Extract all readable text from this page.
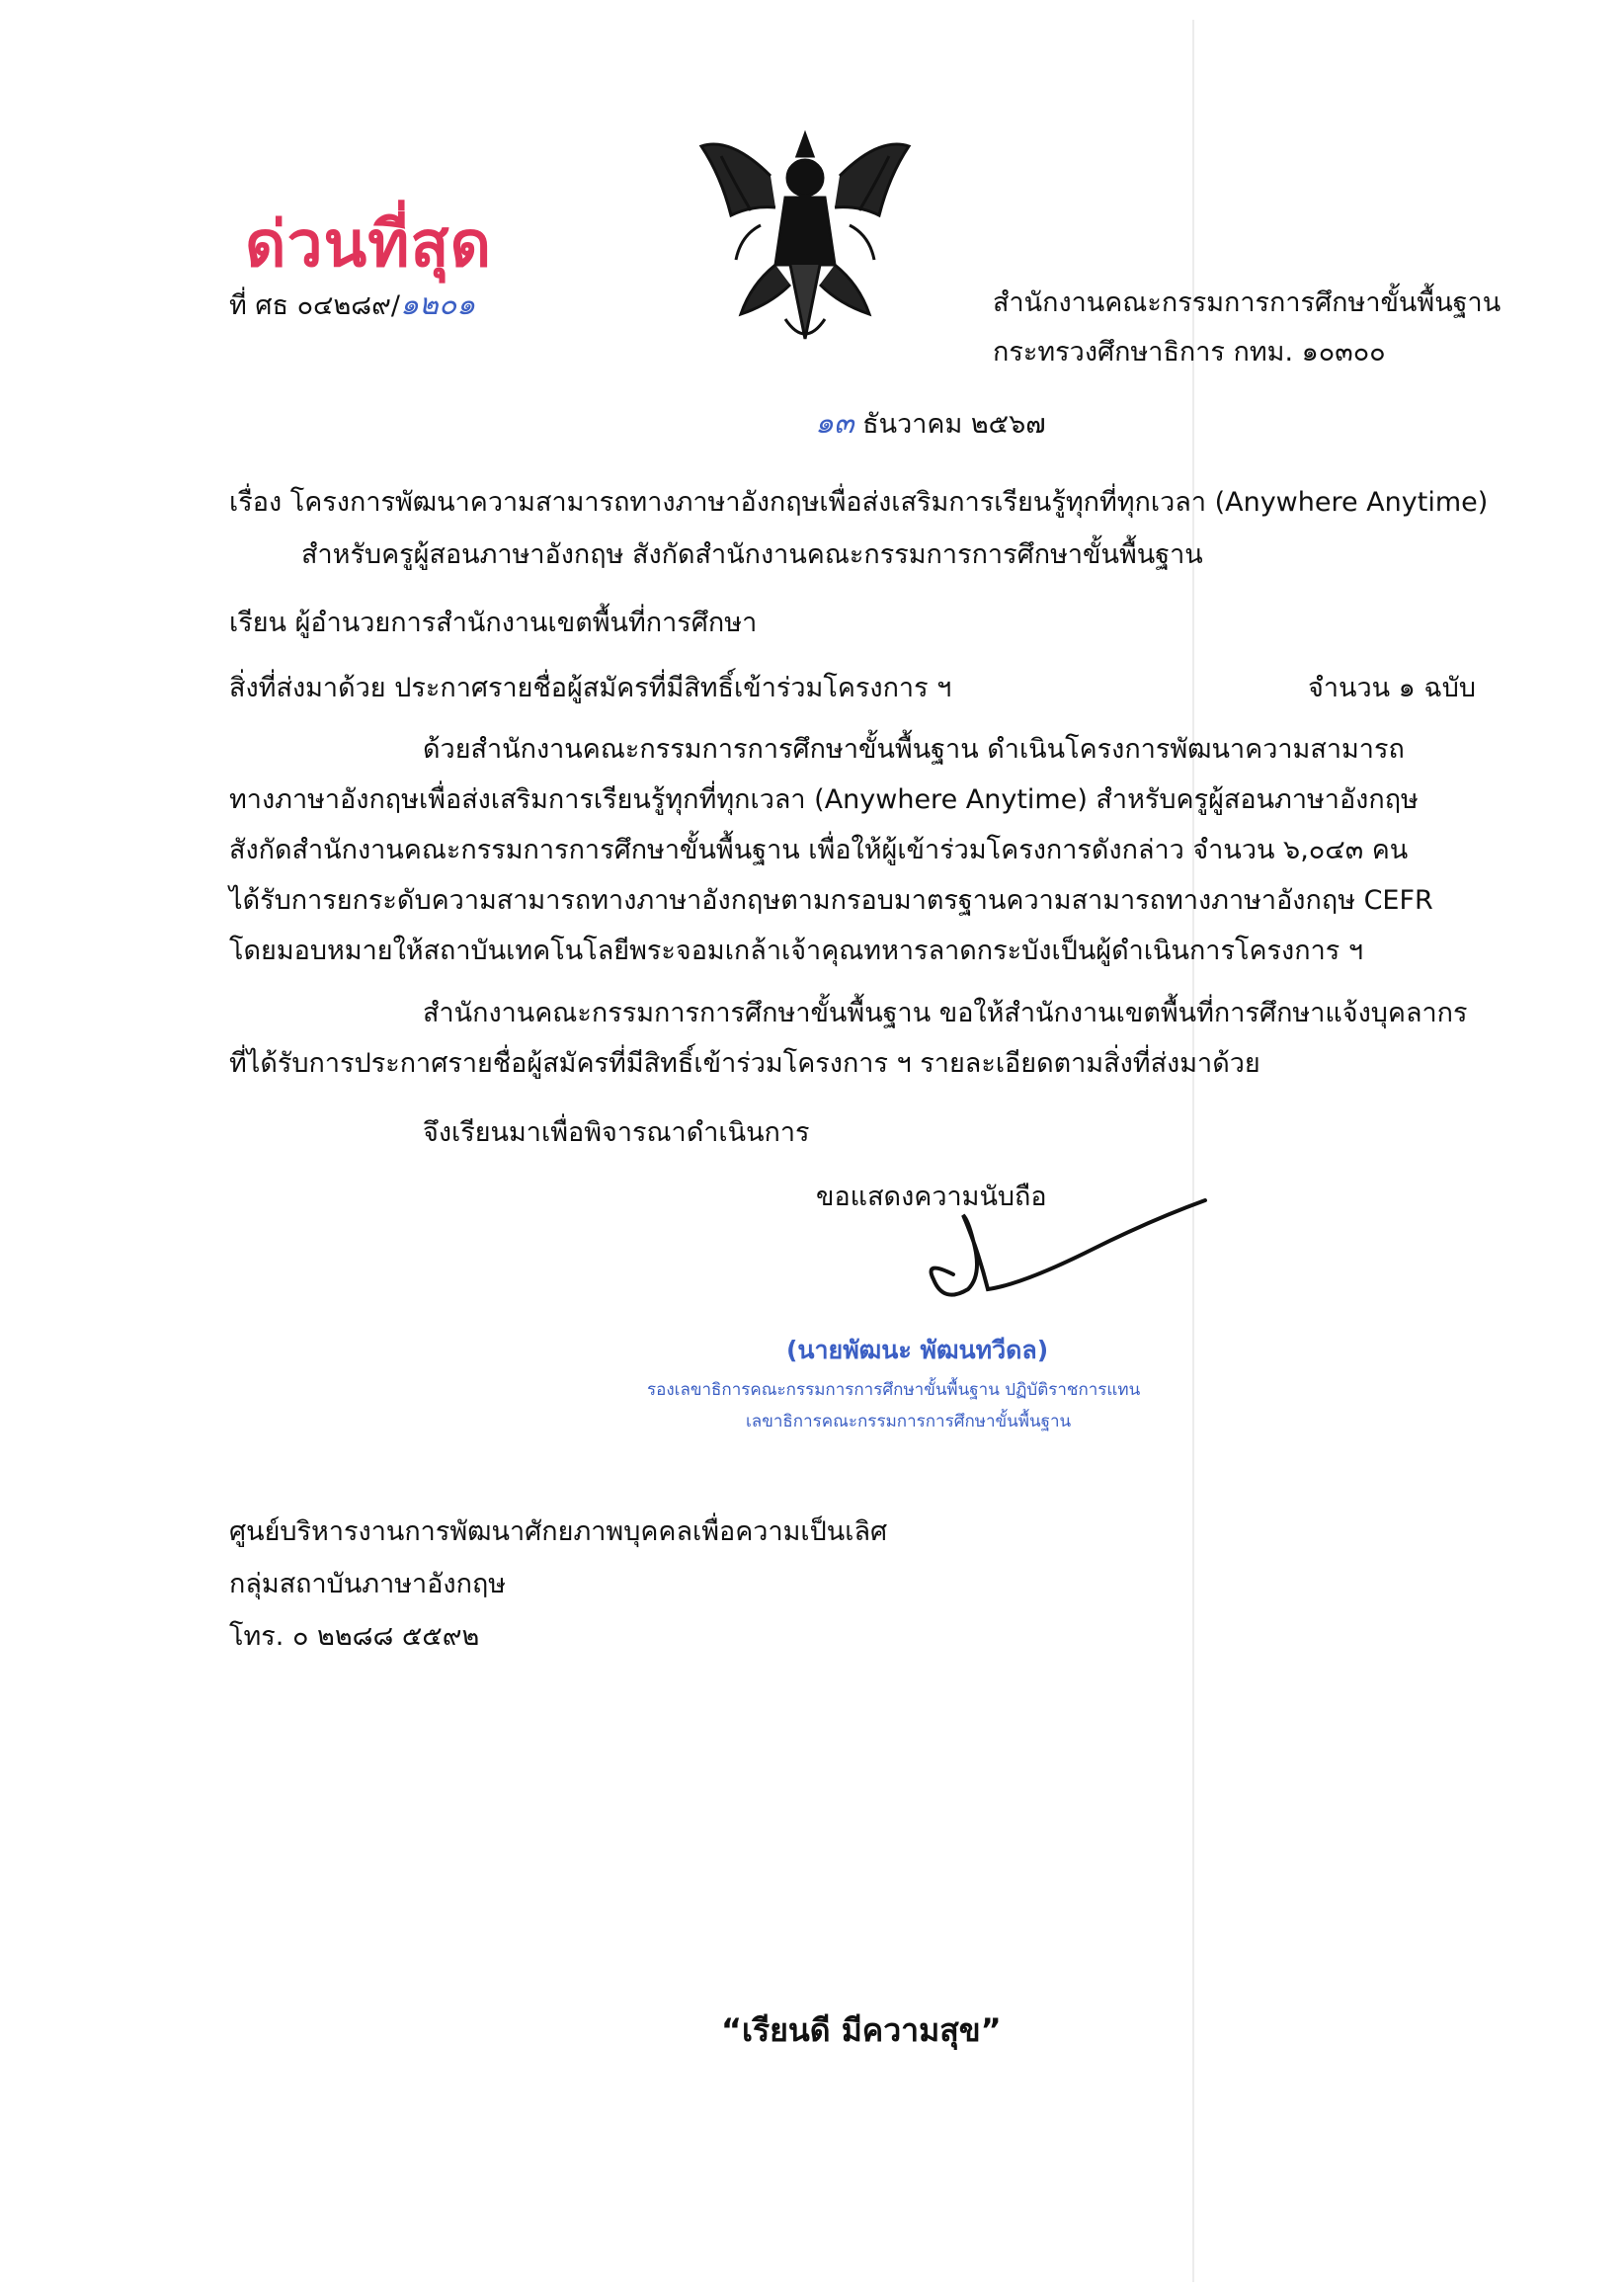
ด่วนที่สุด
ที่ ศธ ๐๔๒๘๙/๑๒๐๑	สำนักงานคณะกรรมการการศึกษาขั้นพื้นฐาน
กระทรวงศึกษาธิการ กทม. ๑๐๓๐๐
๑๓ ธันวาคม ๒๕๖๗
เรื่อง โครงการพัฒนาความสามารถทางภาษาอังกฤษเพื่อส่งเสริมการเรียนรู้ทุกที่ทุกเวลา (Anywhere Anytime)
สำหรับครูผู้สอนภาษาอังกฤษ สังกัดสำนักงานคณะกรรมการการศึกษาขั้นพื้นฐาน
เรียน ผู้อำนวยการสำนักงานเขตพื้นที่การศึกษา
สิ่งที่ส่งมาด้วย ประกาศรายชื่อผู้สมัครที่มีสิทธิ์เข้าร่วมโครงการ ฯ	จำนวน ๑ ฉบับ
ด้วยสำนักงานคณะกรรมการการศึกษาขั้นพื้นฐาน ดำเนินโครงการพัฒนาความสามารถ
ทางภาษาอังกฤษเพื่อส่งเสริมการเรียนรู้ทุกที่ทุกเวลา (Anywhere Anytime) สำหรับครูผู้สอนภาษาอังกฤษ
สังกัดสำนักงานคณะกรรมการการศึกษาขั้นพื้นฐาน เพื่อให้ผู้เข้าร่วมโครงการดังกล่าว จำนวน ๖,๐๔๓ คน
ได้รับการยกระดับความสามารถทางภาษาอังกฤษตามกรอบมาตรฐานความสามารถทางภาษาอังกฤษ CEFR
โดยมอบหมายให้สถาบันเทคโนโลยีพระจอมเกล้าเจ้าคุณทหารลาดกระบังเป็นผู้ดำเนินการโครงการ ฯ
สำนักงานคณะกรรมการการศึกษาขั้นพื้นฐาน ขอให้สำนักงานเขตพื้นที่การศึกษาแจ้งบุคลากร
ที่ได้รับการประกาศรายชื่อผู้สมัครที่มีสิทธิ์เข้าร่วมโครงการ ฯ รายละเอียดตามสิ่งที่ส่งมาด้วย
จึงเรียนมาเพื่อพิจารณาดำเนินการ
ขอแสดงความนับถือ
(นายพัฒนะ พัฒนทวีดล)
รองเลขาธิการคณะกรรมการการศึกษาขั้นพื้นฐาน ปฏิบัติราชการแทน
เลขาธิการคณะกรรมการการศึกษาขั้นพื้นฐาน
ศูนย์บริหารงานการพัฒนาศักยภาพบุคคลเพื่อความเป็นเลิศ
กลุ่มสถาบันภาษาอังกฤษ
โทร. ๐ ๒๒๘๘ ๕๕๙๒
“เรียนดี มีความสุข”
